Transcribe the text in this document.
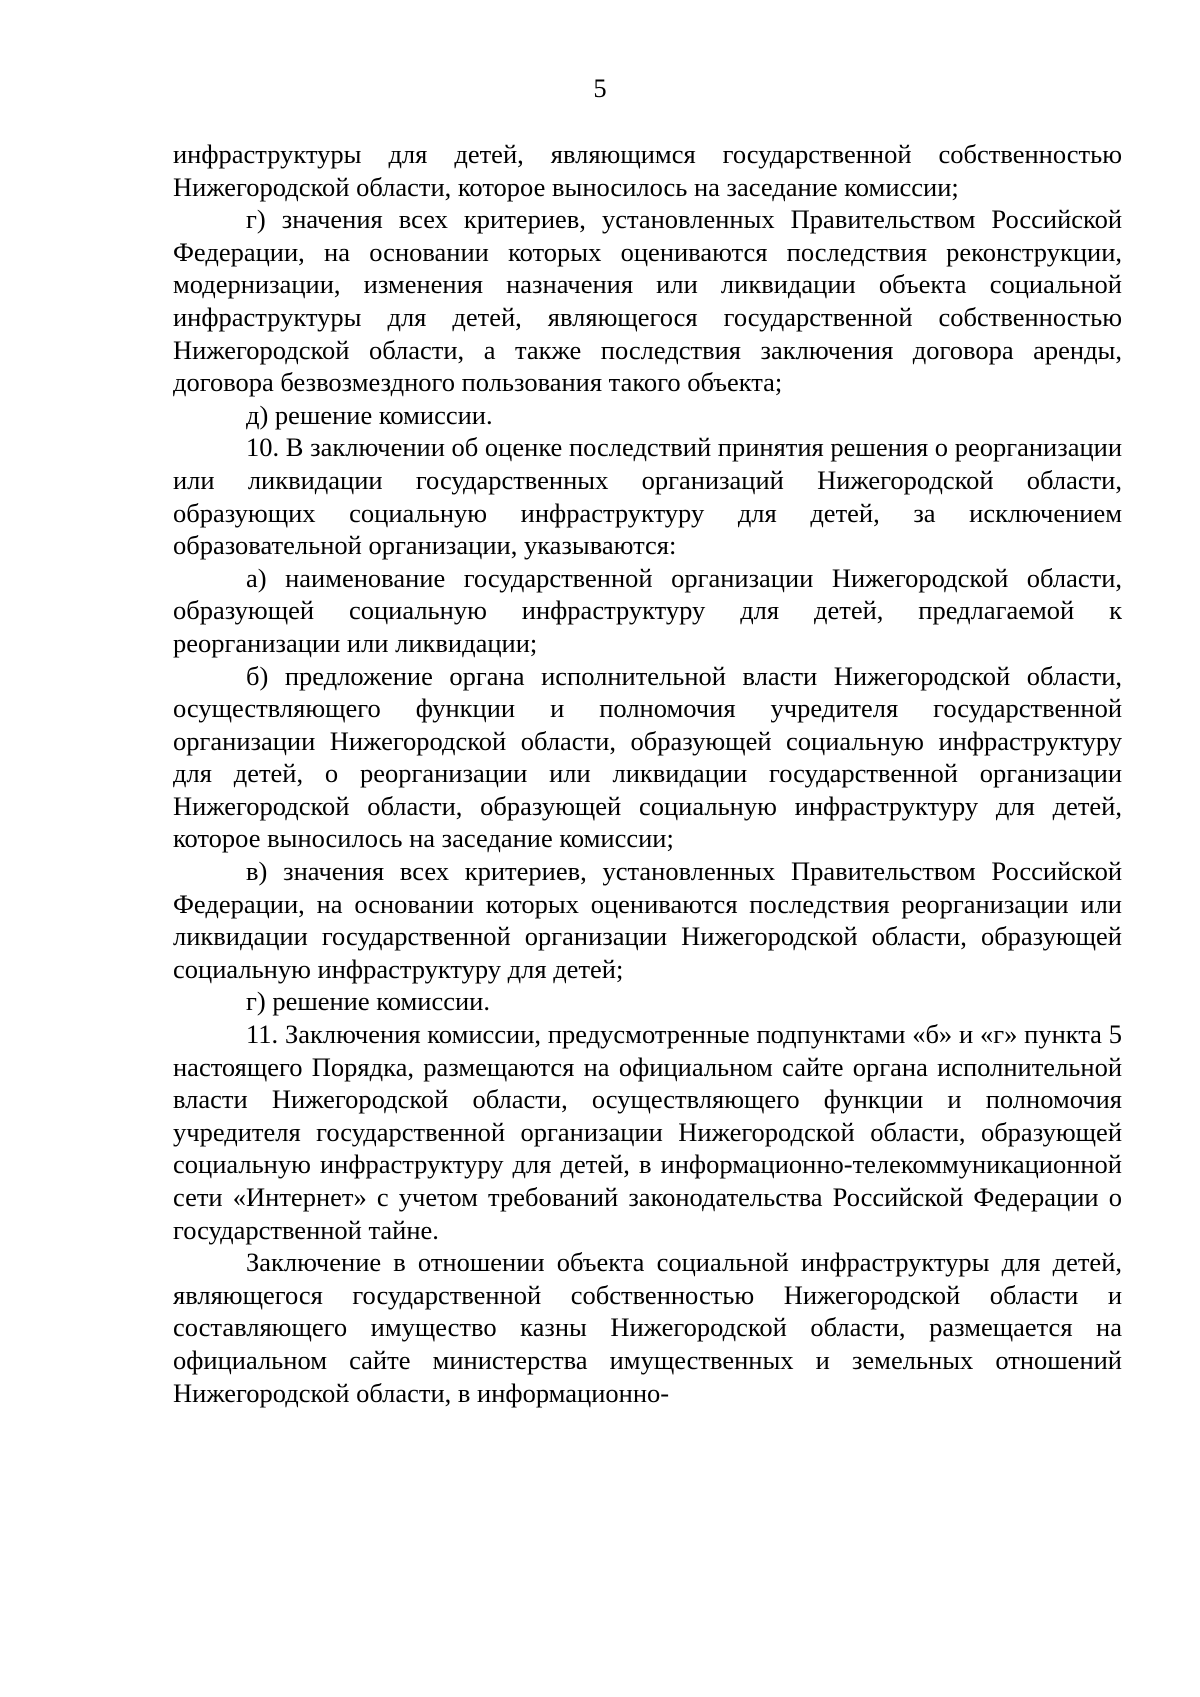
5

инфраструктуры для детей, являющимся государственной собственностью Нижегородской области, которое выносилось на заседание комиссии;

г) значения всех критериев, установленных Правительством Российской Федерации, на основании которых оцениваются последствия реконструкции, модернизации, изменения назначения или ликвидации объекта социальной инфраструктуры для детей, являющегося государственной собственностью Нижегородской области, а также последствия заключения договора аренды, договора безвозмездного пользования такого объекта;

д) решение комиссии.

10. В заключении об оценке последствий принятия решения о реорганизации или ликвидации государственных организаций Нижегородской области, образующих социальную инфраструктуру для детей, за исключением образовательной организации, указываются:

а) наименование государственной организации Нижегородской области, образующей социальную инфраструктуру для детей, предлагаемой к реорганизации или ликвидации;

б) предложение органа исполнительной власти Нижегородской области, осуществляющего функции и полномочия учредителя государственной организации Нижегородской области, образующей социальную инфраструктуру для детей, о реорганизации или ликвидации государственной организации Нижегородской области, образующей социальную инфраструктуру для детей, которое выносилось на заседание комиссии;

в) значения всех критериев, установленных Правительством Российской Федерации, на основании которых оцениваются последствия реорганизации или ликвидации государственной организации Нижегородской области, образующей социальную инфраструктуру для детей;

г) решение комиссии.

11. Заключения комиссии, предусмотренные подпунктами «б» и «г» пункта 5 настоящего Порядка, размещаются на официальном сайте органа исполнительной власти Нижегородской области, осуществляющего функции и полномочия учредителя государственной организации Нижегородской области, образующей социальную инфраструктуру для детей, в информационно-телекоммуникационной сети «Интернет» с учетом требований законодательства Российской Федерации о государственной тайне.

Заключение в отношении объекта социальной инфраструктуры для детей, являющегося государственной собственностью Нижегородской области и составляющего имущество казны Нижегородской области, размещается на официальном сайте министерства имущественных и земельных отношений Нижегородской области, в информационно-
